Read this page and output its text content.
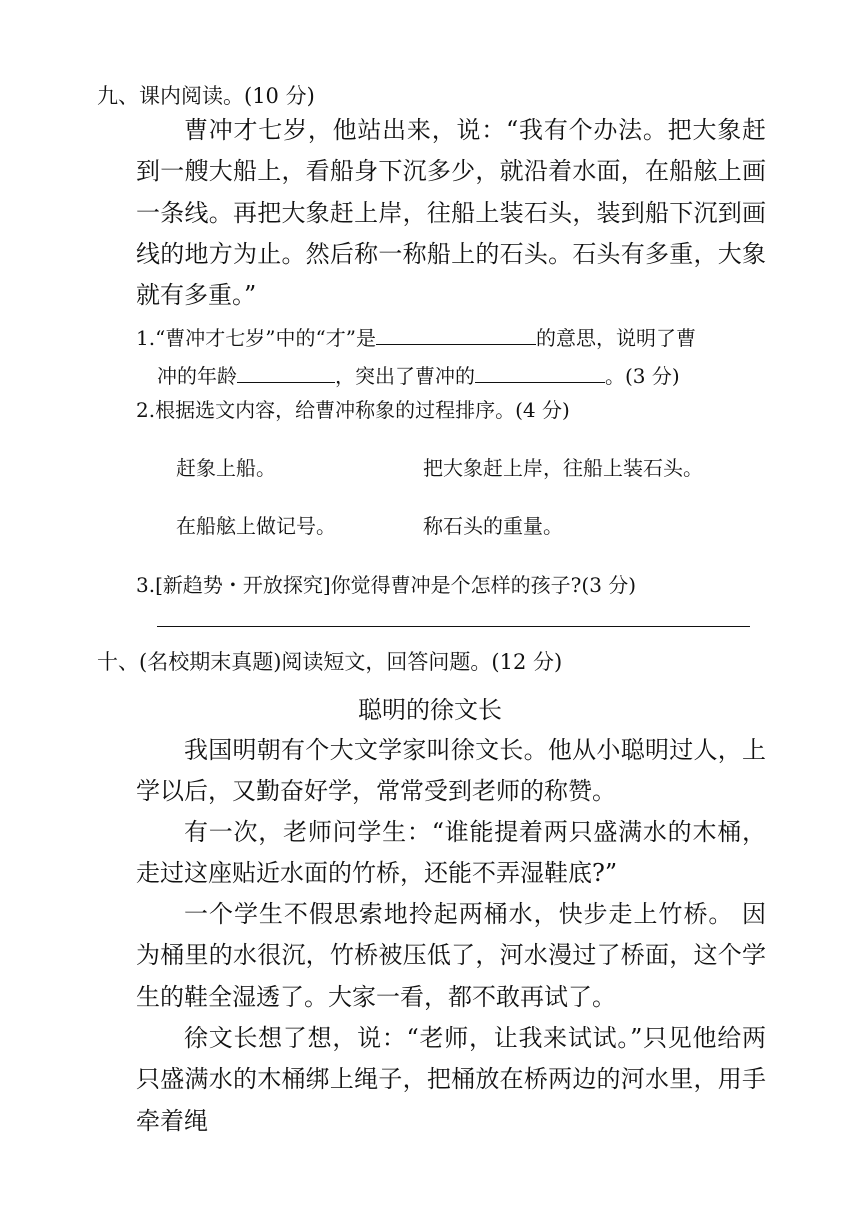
九、课内阅读。(10 分)

曹冲才七岁，他站出来，说：“我有个办法。把大象赶到一艘大船上，看船身下沉多少，就沿着水面，在船舷上画一条线。再把大象赶上岸，往船上装石头，装到船下沉到画线的地方为止。然后称一称船上的石头。石头有多重，大象就有多重。”

1.“曹冲才七岁”中的“才”是	的意思，说明了曹
冲的年龄	，突出了曹冲的	。(3 分)
2.根据选文内容，给曹冲称象的过程排序。(4 分)
赶象上船。	把大象赶上岸，往船上装石头。
在船舷上做记号。	称石头的重量。
3.[新趋势・开放探究]你觉得曹冲是个怎样的孩子?(3 分)
十、(名校期末真题)阅读短文，回答问题。(12 分)
聪明的徐文长

我国明朝有个大文学家叫徐文长。他从小聪明过人，上学以后，又勤奋好学，常常受到老师的称赞。

有一次，老师问学生：“谁能提着两只盛满水的木桶，走过这座贴近水面的竹桥，还能不弄湿鞋底?”

一个学生不假思索地拎起两桶水，快步走上竹桥。 因为桶里的水很沉，竹桥被压低了，河水漫过了桥面，这个学生的鞋全湿透了。大家一看，都不敢再试了。

徐文长想了想，说：“老师，让我来试试。”只见他给两只盛满水的木桶绑上绳子，把桶放在桥两边的河水里，用手牵着绳
